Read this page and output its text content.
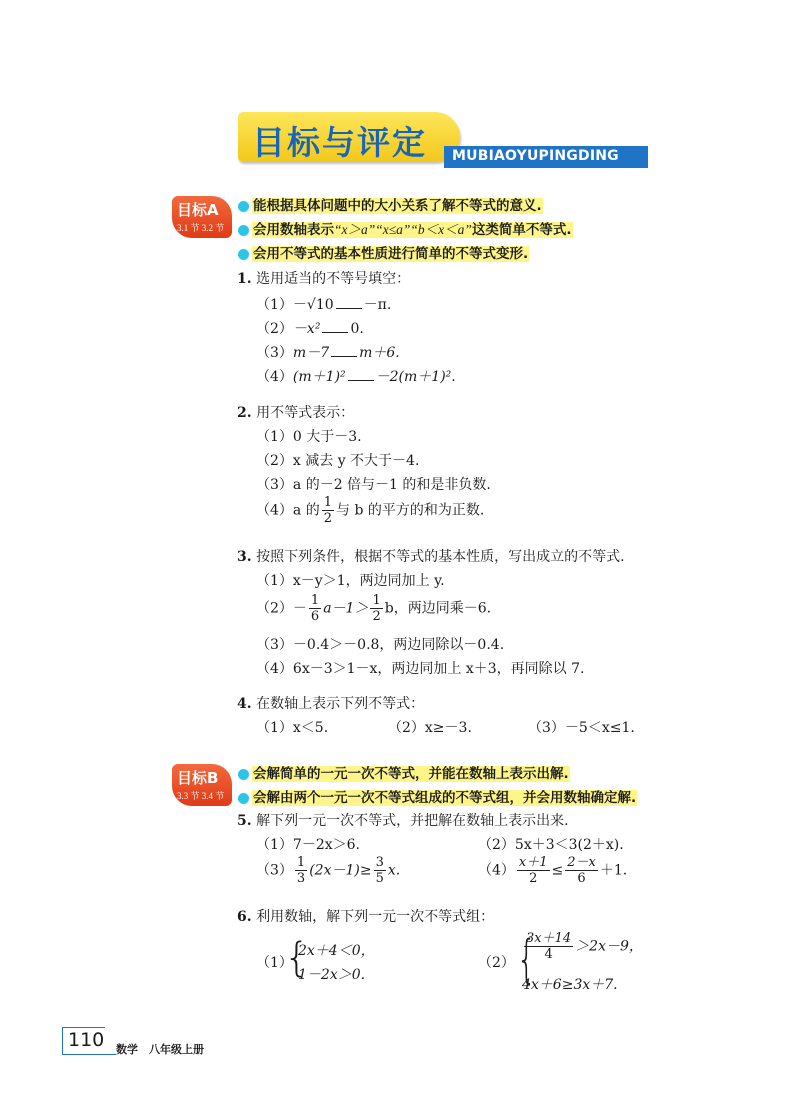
目标与评定 MUBIAOYUPINGDING
目标A
3.1 节 3.2 节
能根据具体问题中的大小关系了解不等式的意义.
会用数轴表示“x＞a”“x≤a”“b＜x＜a”这类简单不等式.
会用不等式的基本性质进行简单的不等式变形.
1. 选用适当的不等号填空：
（1）－√10 －π.
（2）－x² 0.
（3）m－7 m＋6.
（4）(m＋1)² －2(m＋1)².
2. 用不等式表示：
（1）0 大于－3.
（2）x 减去 y 不大于－4.
（3）a 的－2 倍与－1 的和是非负数.
（4）a 的 $\frac{1}{2}$ 与 b 的平方的和为正数.
3. 按照下列条件，根据不等式的基本性质，写出成立的不等式.
（1）x－y＞1，两边同加上 y.
$(2)- \frac{1}{6} a-1> \frac{1}{2}$ b，两边同乘－6.
（3）－0.4＞－0.8，两边同除以－0.4.
（4）6x－3＞1－x，两边同加上 x＋3，再同除以 7.
4. 在数轴上表示下列不等式：
（1）x＜5.	（2）x≥－3.	（3）－5＜x≤1.
目标B
3.3 节 3.4 节
会解简单的一元一次不等式，并能在数轴上表示出解.
会解由两个一元一次不等式组成的不等式组，并会用数轴确定解.
5. 解下列一元一次不等式，并把解在数轴上表示出来.
（1）7－2x＞6.	（2）5x＋3＜3(2＋x).
$(3) \frac{1}{3} (2x-1)\ge \frac{3}{5} x$.	$(4) \frac{x+1}{2} \le \frac{2-x}{6} +1$.
6. 利用数轴，解下列一元一次不等式组：
（1）
{
2x＋4＜0，
1－2x＞0.
（2） {
$\frac{3x+14}{4} >2x-9$，
4x＋6≥3x＋7.
110 数学　八年级上册
